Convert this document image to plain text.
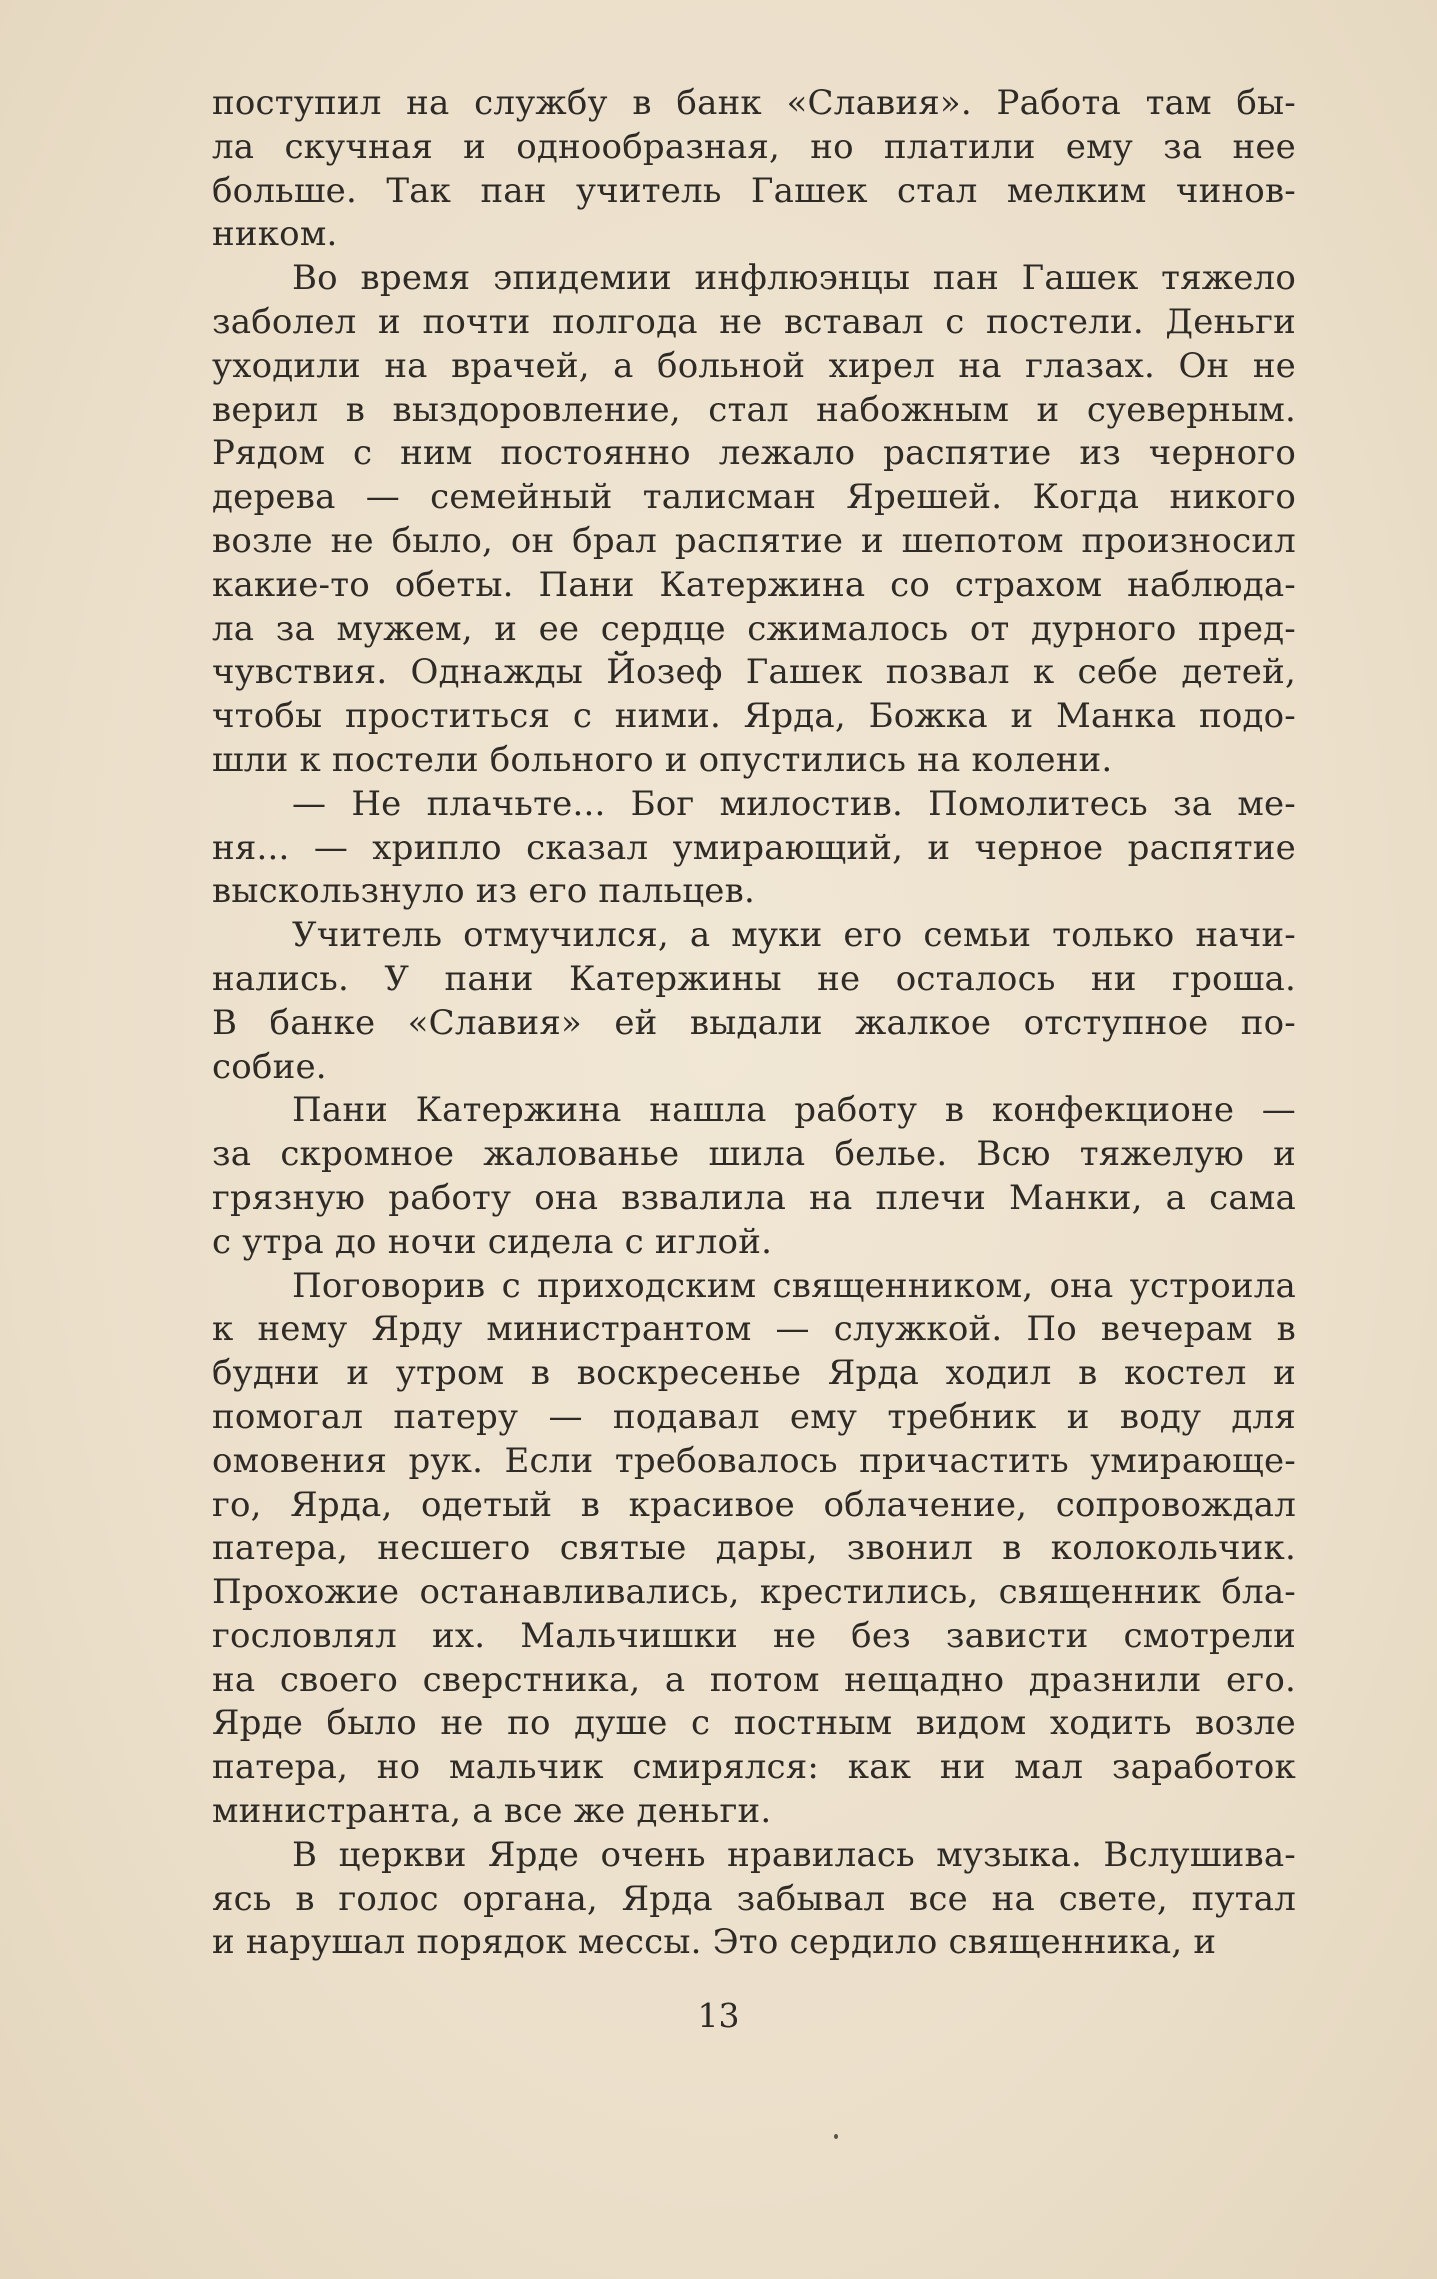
поступил на службу в банк «Славия». Работа там бы-
ла скучная и однообразная, но платили ему за нее
больше. Так пан учитель Гашек стал мелким чинов-
ником.
Во время эпидемии инфлюэнцы пан Гашек тяжело
заболел и почти полгода не вставал с постели. Деньги
уходили на врачей, а больной хирел на глазах. Он не
верил в выздоровление, стал набожным и суеверным.
Рядом с ним постоянно лежало распятие из черного
дерева — семейный талисман Ярешей. Когда никого
возле не было, он брал распятие и шепотом произносил
какие-то обеты. Пани Катержина со страхом наблюда-
ла за мужем, и ее сердце сжималось от дурного пред-
чувствия. Однажды Йозеф Гашек позвал к себе детей,
чтобы проститься с ними. Ярда, Божка и Манка подо-
шли к постели больного и опустились на колени.
— Не плачьте... Бог милостив. Помолитесь за ме-
ня... — хрипло сказал умирающий, и черное распятие
выскользнуло из его пальцев.
Учитель отмучился, а муки его семьи только начи-
нались. У пани Катержины не осталось ни гроша.
В банке «Славия» ей выдали жалкое отступное по-
собие.
Пани Катержина нашла работу в конфекционе —
за скромное жалованье шила белье. Всю тяжелую и
грязную работу она взвалила на плечи Манки, а сама
с утра до ночи сидела с иглой.
Поговорив с приходским священником, она устроила
к нему Ярду министрантом — служкой. По вечерам в
будни и утром в воскресенье Ярда ходил в костел и
помогал патеру — подавал ему требник и воду для
омовения рук. Если требовалось причастить умирающе-
го, Ярда, одетый в красивое облачение, сопровождал
патера, несшего святые дары, звонил в колокольчик.
Прохожие останавливались, крестились, священник бла-
гословлял их. Мальчишки не без зависти смотрели
на своего сверстника, а потом нещадно дразнили его.
Ярде было не по душе с постным видом ходить возле
патера, но мальчик смирялся: как ни мал заработок
министранта, а все же деньги.
В церкви Ярде очень нравилась музыка. Вслушива-
ясь в голос органа, Ярда забывал все на свете, путал
и нарушал порядок мессы. Это сердило священника, и
13
